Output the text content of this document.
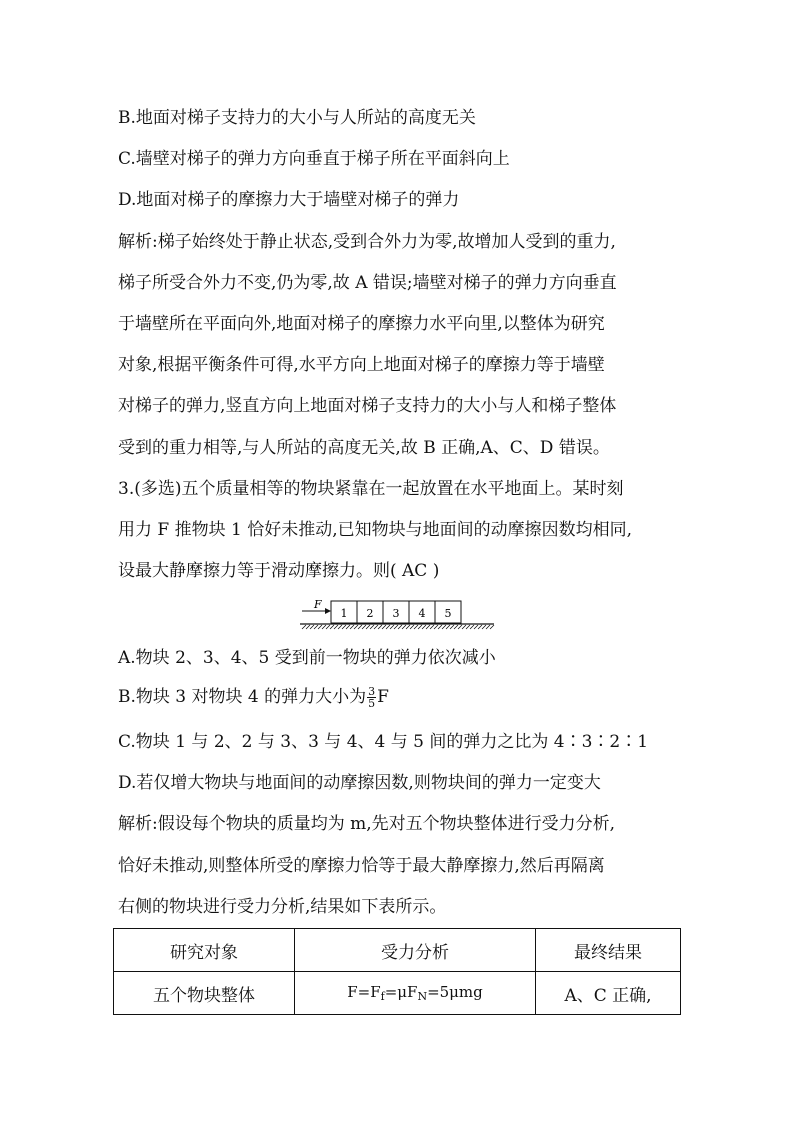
B.地面对梯子支持力的大小与人所站的高度无关
C.墙壁对梯子的弹力方向垂直于梯子所在平面斜向上
D.地面对梯子的摩擦力大于墙壁对梯子的弹力
解析:梯子始终处于静止状态,受到合外力为零,故增加人受到的重力,
梯子所受合外力不变,仍为零,故 A 错误;墙壁对梯子的弹力方向垂直
于墙壁所在平面向外,地面对梯子的摩擦力水平向里,以整体为研究
对象,根据平衡条件可得,水平方向上地面对梯子的摩擦力等于墙壁
对梯子的弹力,竖直方向上地面对梯子支持力的大小与人和梯子整体
受到的重力相等,与人所站的高度无关,故 B 正确,A、C、D 错误。
3.(多选)五个质量相等的物块紧靠在一起放置在水平地面上。某时刻
用力 F 推物块 1 恰好未推动,已知物块与地面间的动摩擦因数均相同,
设最大静摩擦力等于滑动摩擦力。则( AC )
F
1 2 3 4 5
A.物块 2、3、4、5 受到前一物块的弹力依次减小
B.物块 3 对物块 4 的弹力大小为 $\frac{3}{5}$ F
C.物块 1 与 2、2 与 3、3 与 4、4 与 5 间的弹力之比为 4∶3∶2∶1
D.若仅增大物块与地面间的动摩擦因数,则物块间的弹力一定变大
解析:假设每个物块的质量均为 m,先对五个物块整体进行受力分析,
恰好未推动,则整体所受的摩擦力恰等于最大静摩擦力,然后再隔离
右侧的物块进行受力分析,结果如下表所示。
研究对象	受力分析	最终结果
五个物块整体	$F=F_f=\mu F_N=5\mu mg$	A、C 正确,
